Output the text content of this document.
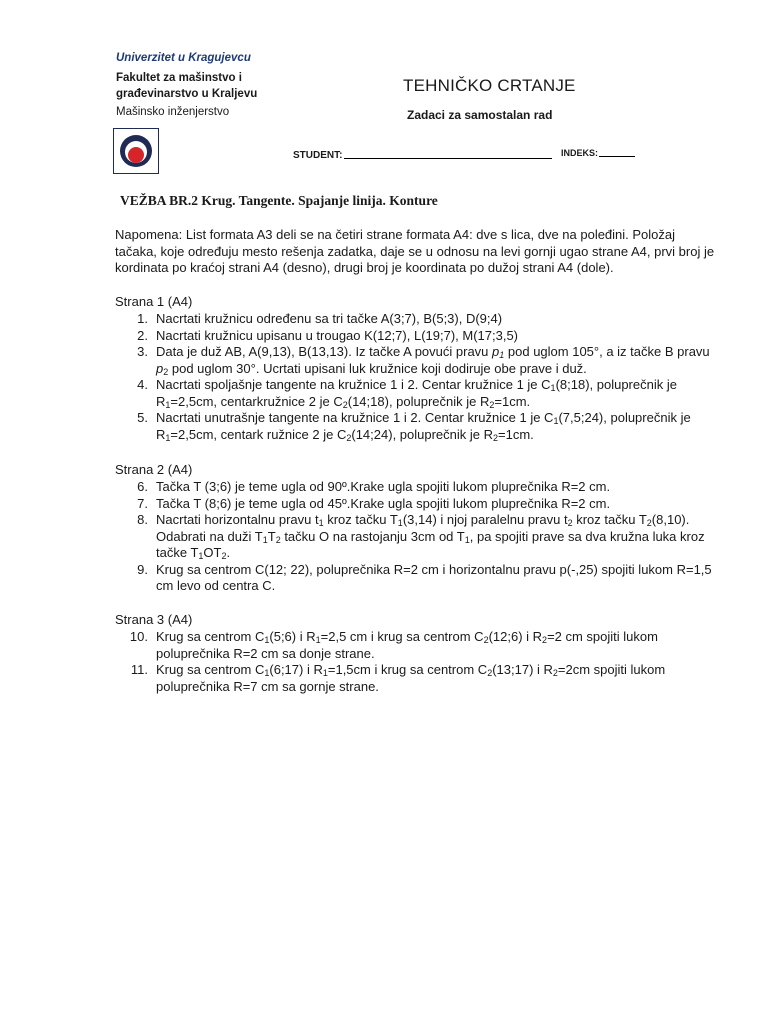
Univerzitet u Kragujevcu
Fakultet za mašinstvo i građevinarstvo u Kraljevu
Mašinsko inženjerstvo
TEHNIČKO CRTANJE
Zadaci za samostalan rad
STUDENT:	INDEKS:
VEŽBA BR.2 Krug. Tangente. Spajanje linija. Konture
Napomena: List formata A3 deli se na četiri strane formata A4: dve s lica, dve na poleđini. Položaj tačaka, koje određuju mesto rešenja zadatka, daje se u odnosu na levi gornji ugao strane A4, prvi broj je kordinata po kraćoj strani A4 (desno), drugi broj je koordinata po dužoj strani A4 (dole).
Strana 1 (A4)
1. Nacrtati kružnicu određenu sa tri tačke A(3;7), B(5;3), D(9;4)
2. Nacrtati kružnicu upisanu u trougao K(12;7), L(19;7), M(17;3,5)
3. Data je duž AB, A(9,13), B(13,13). Iz tačke A povući pravu $p_1$ pod uglom 105°, a iz tačke B pravu $p_2$ pod uglom 30°. Ucrtati upisani luk kružnice koji dodiruje obe prave i duž.
4. Nacrtati spoljašnje tangente na kružnice 1 i 2. Centar kružnice 1 je $C_1(8;18)$, poluprečnik je $R_1=2,5cm$, centarkružnice 2 je $C_2(14;18)$, poluprečnik je $R_2=1cm$.
5. Nacrtati unutrašnje tangente na kružnice 1 i 2. Centar kružnice 1 je $C_1(7,5;24)$, poluprečnik je $R_1=2,5cm$, centark ružnice 2 je $C_2(14;24)$, poluprečnik je $R_2=1cm$.
Strana 2 (A4)
6. Tačka T (3;6) je teme ugla od 90º.Krake ugla spojiti lukom pluprečnika R=2 cm.
7. Tačka T (8;6) je teme ugla od 45º.Krake ugla spojiti lukom pluprečnika R=2 cm.
8. Nacrtati horizontalnu pravu $t_1$ kroz tačku $T_1(3,14)$ i njoj paralelnu pravu $t_2$ kroz tačku $T_2(8,10)$. Odabrati na duži $T_1T_2$ tačku O na rastojanju 3cm od $T_1$, pa spojiti prave sa dva kružna luka kroz tačke $T_1OT_2$.
9. Krug sa centrom C(12; 22), poluprečnika R=2 cm i horizontalnu pravu p(-,25) spojiti lukom R=1,5 cm levo od centra C.
Strana 3 (A4)
10. Krug sa centrom $C_1(5;6)$ i $R_1=2,5$ cm i krug sa centrom $C_2(12;6)$ i $R_2=2$ cm spojiti lukom poluprečnika R=2 cm sa donje strane.
11. Krug sa centrom $C_1(6;17)$ i $R_1=1,5cm$ i krug sa centrom $C_2(13;17)$ i $R_2=2cm$ spojiti lukom poluprečnika R=7 cm sa gornje strane.
